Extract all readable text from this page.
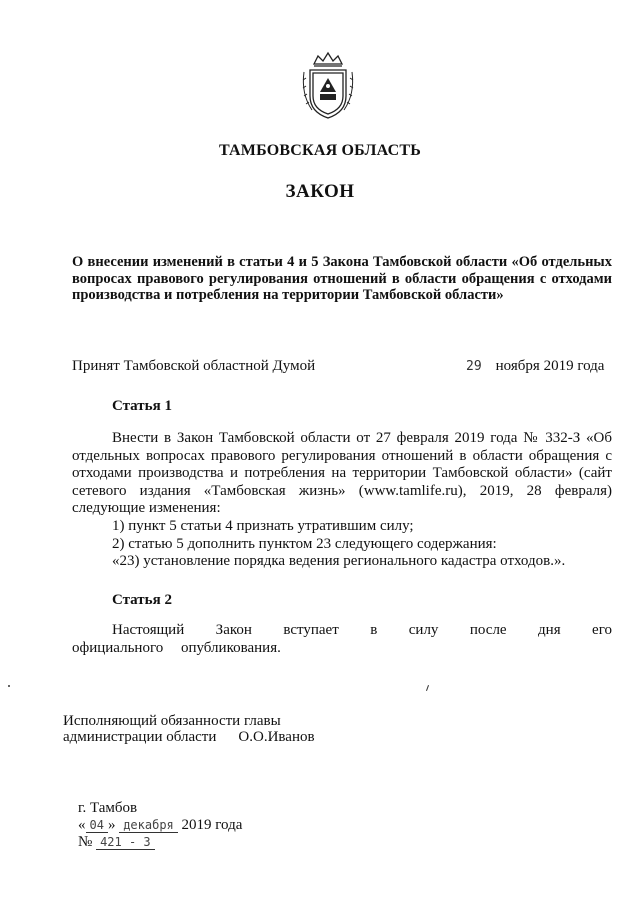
ТАМБОВСКАЯ ОБЛАСТЬ
ЗАКОН
О внесении изменений в статьи 4 и 5 Закона Тамбовской области «Об отдельных вопросах правового регулирования отношений в области обращения с отходами производства и потребления на территории Тамбовской области»
Принят Тамбовской областной Думой	29 ноября 2019 года
Статья 1
Внести в Закон Тамбовской области от 27 февраля 2019 года № 332-З «Об отдельных вопросах правового регулирования отношений в области обращения с отходами производства и потребления на территории Тамбовской области» (сайт сетевого издания «Тамбовская жизнь» (www.tamlife.ru), 2019, 28 февраля) следующие изменения:
1) пункт 5 статьи 4 признать утратившим силу;
2) статью 5 дополнить пунктом 23 следующего содержания:
«23) установление порядка ведения регионального кадастра отходов.».
Статья 2
Настоящий Закон вступает в силу после дня его официального опубликования.
Исполняющий обязанности главы
администрации области О.О.Иванов
г. Тамбов
« 04 » декабря 2019 года
№ 421 - З
